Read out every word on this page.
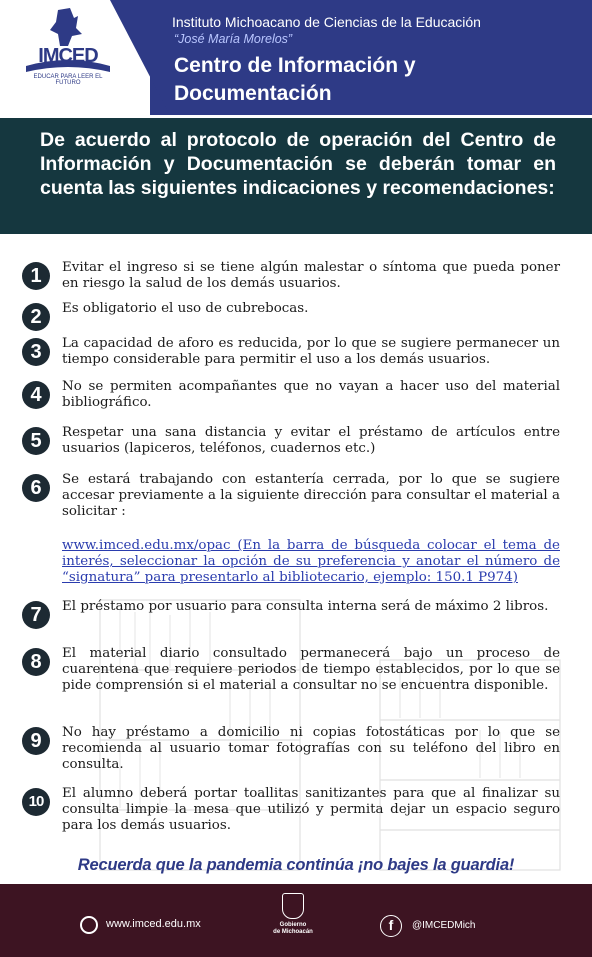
IMCED
EDUCAR PARA LEER EL FUTURO
Instituto Michoacano de Ciencias de la Educación
“José María Morelos”
Centro de Información y
Documentación
De acuerdo al protocolo de operación del Centro de Información y Documentación se deberán tomar en cuenta las siguientes indicaciones y recomendaciones:
1	Evitar el ingreso si se tiene algún malestar o síntoma que pueda poner en riesgo la salud de los demás usuarios.
2	Es obligatorio el uso de cubrebocas.
3	La capacidad de aforo es reducida, por lo que se sugiere permanecer un tiempo considerable para permitir el uso a los demás usuarios.
4	No se permiten acompañantes que no vayan a hacer uso del material bibliográfico.
5	Respetar una sana distancia y evitar el préstamo de artículos entre usuarios (lapiceros, teléfonos, cuadernos etc.)
6	Se estará trabajando con estantería cerrada, por lo que se sugiere accesar previamente a la siguiente dirección para consultar el material a solicitar :
www.imced.edu.mx/opac (En la barra de búsqueda colocar el tema de interés, seleccionar la opción de su preferencia y anotar el número de “signatura” para presentarlo al bibliotecario, ejemplo: 150.1 P974)
7	El préstamo por usuario para consulta interna será de máximo 2 libros.
8	El material diario consultado permanecerá bajo un proceso de cuarentena que requiere periodos de tiempo establecidos, por lo que se pide comprensión si el material a consultar no se encuentra disponible.
9	No hay préstamo a domicilio ni copias fotostáticas por lo que se recomienda al usuario tomar fotografías con su teléfono del libro en consulta.
10	El alumno deberá portar toallitas sanitizantes para que al finalizar su consulta limpie la mesa que utilizó y permita dejar un espacio seguro para los demás usuarios.
Recuerda que la pandemia continúa ¡no bajes la guardia!
www.imced.edu.mx	Gobierno
de Michoacán	f	@IMCEDMich
